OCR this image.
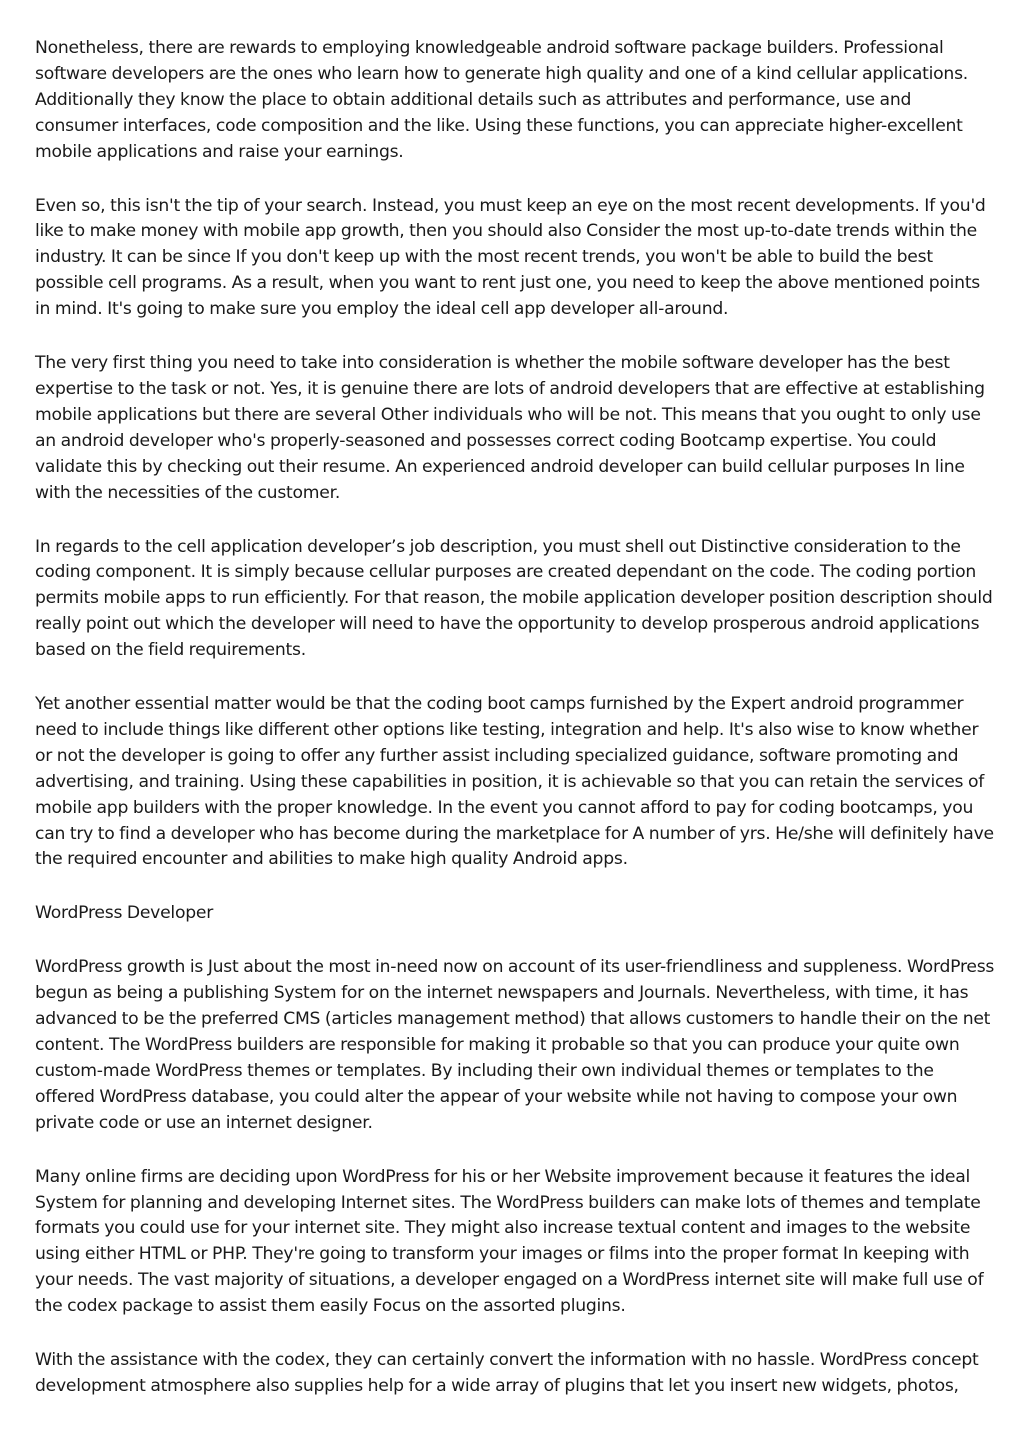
Nonetheless, there are rewards to employing knowledgeable android software package builders. Professional software developers are the ones who learn how to generate high quality and one of a kind cellular applications. Additionally they know the place to obtain additional details such as attributes and performance, use and consumer interfaces, code composition and the like. Using these functions, you can appreciate higher-excellent mobile applications and raise your earnings.

Even so, this isn't the tip of your search. Instead, you must keep an eye on the most recent developments. If you'd like to make money with mobile app growth, then you should also Consider the most up-to-date trends within the industry. It can be since If you don't keep up with the most recent trends, you won't be able to build the best possible cell programs. As a result, when you want to rent just one, you need to keep the above mentioned points in mind. It's going to make sure you employ the ideal cell app developer all-around.

The very first thing you need to take into consideration is whether the mobile software developer has the best expertise to the task or not. Yes, it is genuine there are lots of android developers that are effective at establishing mobile applications but there are several Other individuals who will be not. This means that you ought to only use an android developer who's properly-seasoned and possesses correct coding Bootcamp expertise. You could validate this by checking out their resume. An experienced android developer can build cellular purposes In line with the necessities of the customer.

In regards to the cell application developer’s job description, you must shell out Distinctive consideration to the coding component. It is simply because cellular purposes are created dependant on the code. The coding portion permits mobile apps to run efficiently. For that reason, the mobile application developer position description should really point out which the developer will need to have the opportunity to develop prosperous android applications based on the field requirements.

Yet another essential matter would be that the coding boot camps furnished by the Expert android programmer need to include things like different other options like testing, integration and help. It's also wise to know whether or not the developer is going to offer any further assist including specialized guidance, software promoting and advertising, and training. Using these capabilities in position, it is achievable so that you can retain the services of mobile app builders with the proper knowledge. In the event you cannot afford to pay for coding bootcamps, you can try to find a developer who has become during the marketplace for A number of yrs. He/she will definitely have the required encounter and abilities to make high quality Android apps.

WordPress Developer

WordPress growth is Just about the most in-need now on account of its user-friendliness and suppleness. WordPress begun as being a publishing System for on the internet newspapers and Journals. Nevertheless, with time, it has advanced to be the preferred CMS (articles management method) that allows customers to handle their on the net content. The WordPress builders are responsible for making it probable so that you can produce your quite own custom-made WordPress themes or templates. By including their own individual themes or templates to the offered WordPress database, you could alter the appear of your website while not having to compose your own private code or use an internet designer.

Many online firms are deciding upon WordPress for his or her Website improvement because it features the ideal System for planning and developing Internet sites. The WordPress builders can make lots of themes and template formats you could use for your internet site. They might also increase textual content and images to the website using either HTML or PHP. They're going to transform your images or films into the proper format In keeping with your needs. The vast majority of situations, a developer engaged on a WordPress internet site will make full use of the codex package to assist them easily Focus on the assorted plugins.

With the assistance with the codex, they can certainly convert the information with no hassle. WordPress concept development atmosphere also supplies help for a wide array of plugins that let you insert new widgets, photos,
